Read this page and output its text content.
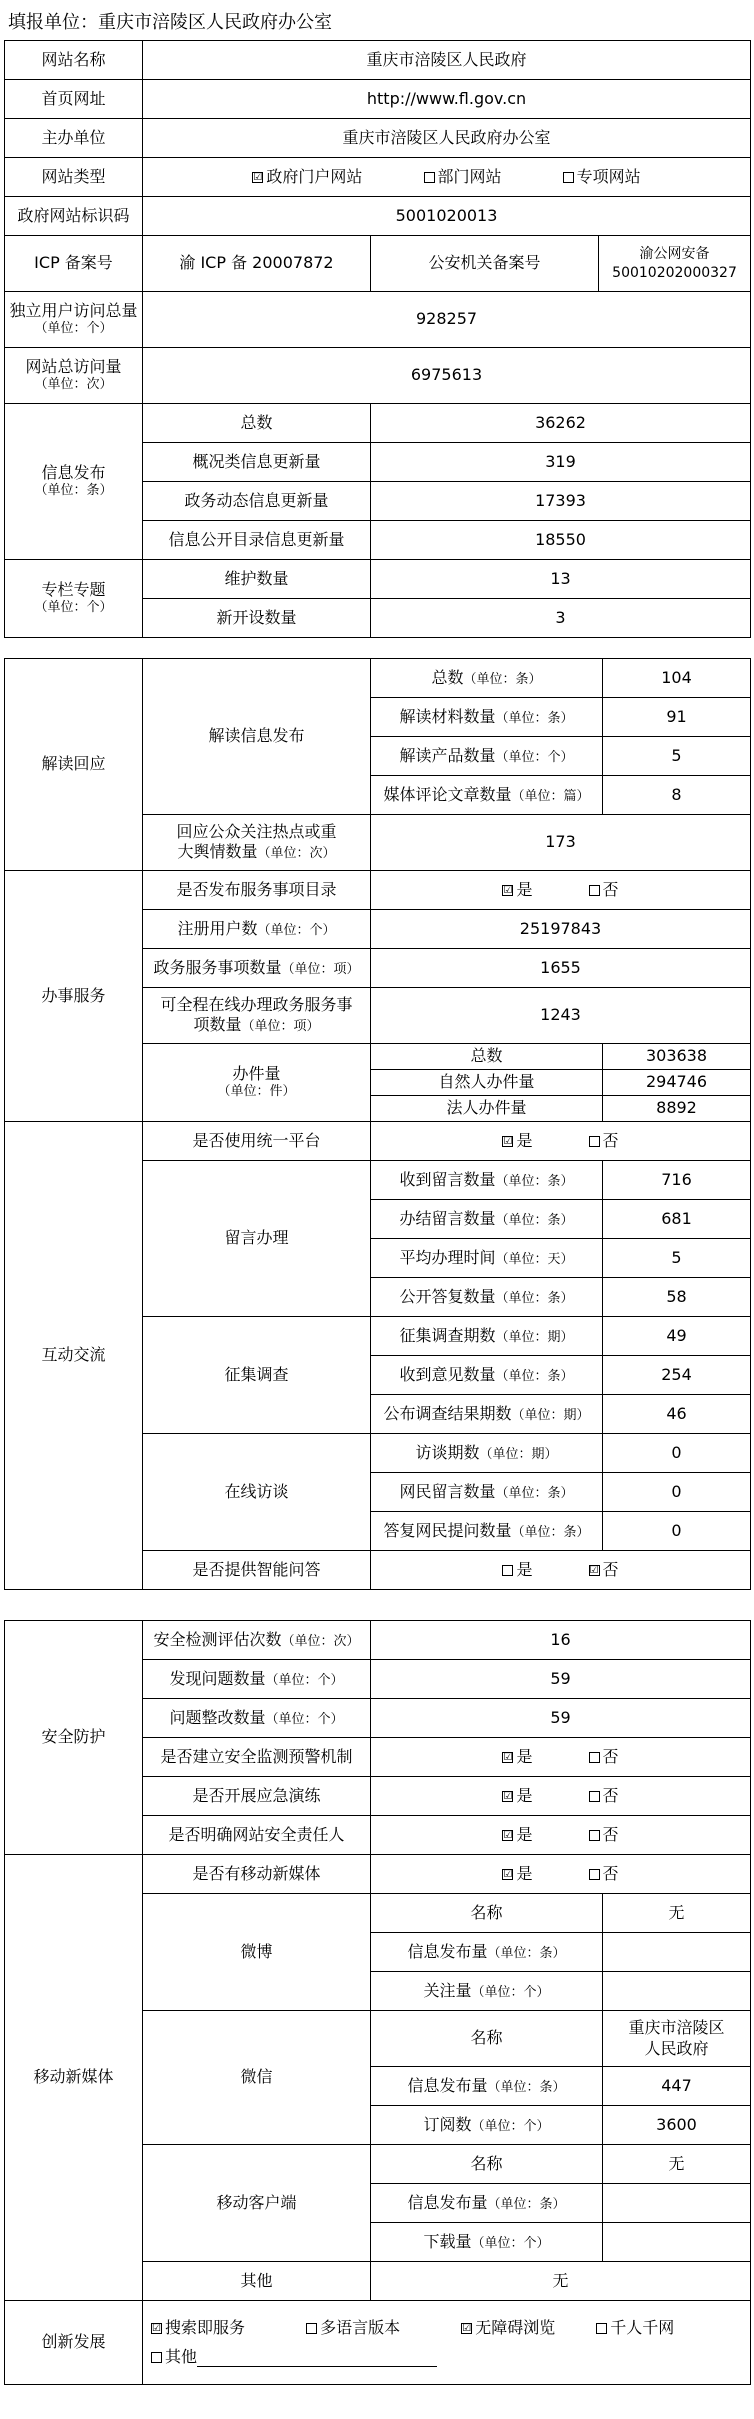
填报单位：重庆市涪陵区人民政府办公室
网站名称	重庆市涪陵区人民政府		
首页网址	http://www.fl.gov.cn		
主办单位	重庆市涪陵区人民政府办公室		
网站类型	☑ 政府门户网站 部门网站 专项网站		
政府网站标识码	5001020013		
ICP 备案号	渝 ICP 备 20007872	公安机关备案号	渝公网安备
50010202000327

独立用户访问总量
（单位：个）	928257		

网站总访问量
（单位：次）	6975613		

信息发布
（单位：条）	总数	36262	
	概况类信息更新量	319	
	政务动态信息更新量	17393	
	信息公开目录信息更新量	18550	

专栏专题
（单位：个）	维护数量	13	
	新开设数量	3	
解读回应	解读信息发布	总数（单位：条）	104
		解读材料数量（单位：条）	91
		解读产品数量（单位：个）	5
		媒体评论文章数量（单位：篇）	8

	回应公众关注热点或重
大舆情数量（单位：次）	173	
办事服务	是否发布服务事项目录	☑ 是 否	
	注册用户数（单位：个）	25197843	
	政务服务事项数量（单位：项）	1655	

	可全程在线办理政务服务事
项数量（单位：项）	1243	

	办件量
（单位：件）	总数	303638
		自然人办件量	294746
		法人办件量	8892
互动交流	是否使用统一平台	☑ 是 否	
	留言办理	收到留言数量（单位：条）	716
		办结留言数量（单位：条）	681
		平均办理时间（单位：天）	5
		公开答复数量（单位：条）	58
	征集调查	征集调查期数（单位：期）	49
		收到意见数量（单位：条）	254
		公布调查结果期数（单位：期）	46
	在线访谈	访谈期数（单位：期）	0
		网民留言数量（单位：条）	0
		答复网民提问数量（单位：条）	0
	是否提供智能问答	是 ☑ 否	
安全防护	安全检测评估次数（单位：次）	16	
	发现问题数量（单位：个）	59	
	问题整改数量（单位：个）	59	
	是否建立安全监测预警机制	☑ 是 否	
	是否开展应急演练	☑ 是 否	
	是否明确网站安全责任人	☑ 是 否	
移动新媒体	是否有移动新媒体	☑ 是 否	
	微博	名称	无
		信息发布量（单位：条）	
		关注量（单位：个）	
	微信	名称	重庆市涪陵区
人民政府

		信息发布量（单位：条）	447
		订阅数（单位：个）	3600
	移动客户端	名称	无
		信息发布量（单位：条）	
		下载量（单位：个）	
	其他	无	
创新发展	☑ 搜索即服务 多语言版本 ☑ 无障碍浏览 千人千网
其他		
